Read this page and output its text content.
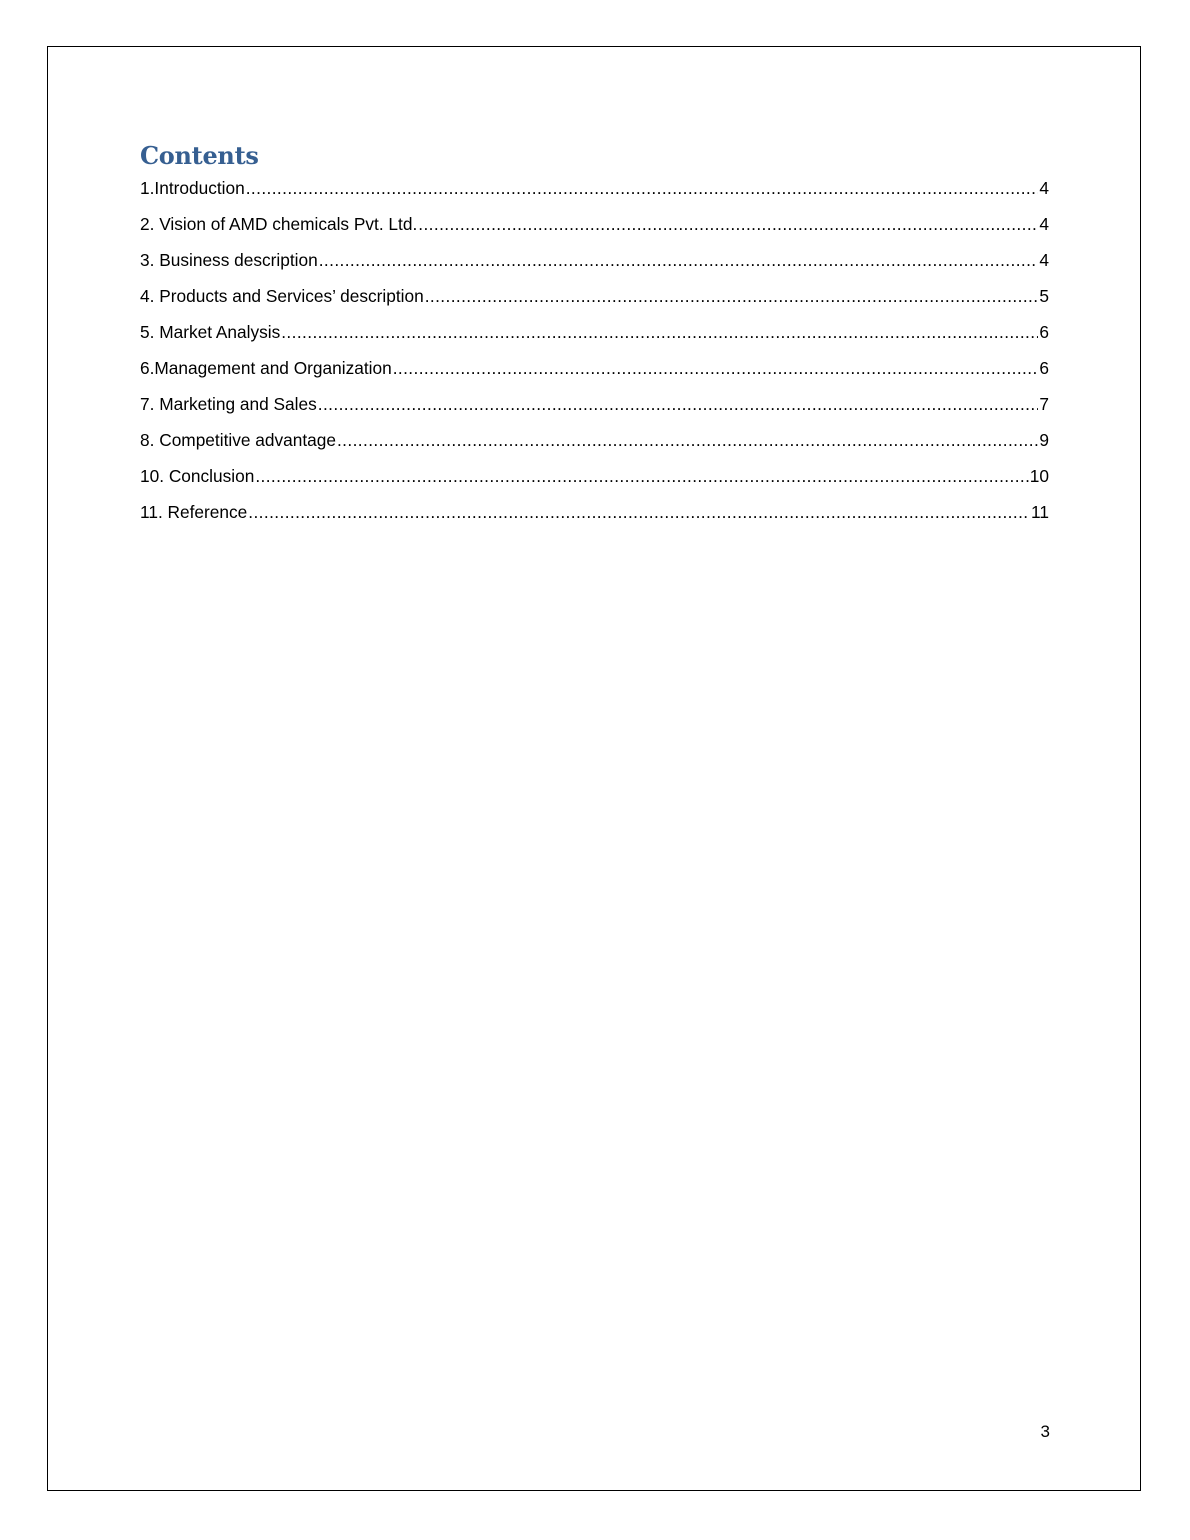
Contents
1.Introduction .....	4
2. Vision of AMD chemicals Pvt. Ltd. .....	4
3. Business description .....	4
4. Products and Services’ description .....	5
5. Market Analysis .....	6
6.Management and Organization .....	6
7. Marketing and Sales .....	7
8. Competitive advantage .....	9
10. Conclusion .....	10
11. Reference .....	11
3
